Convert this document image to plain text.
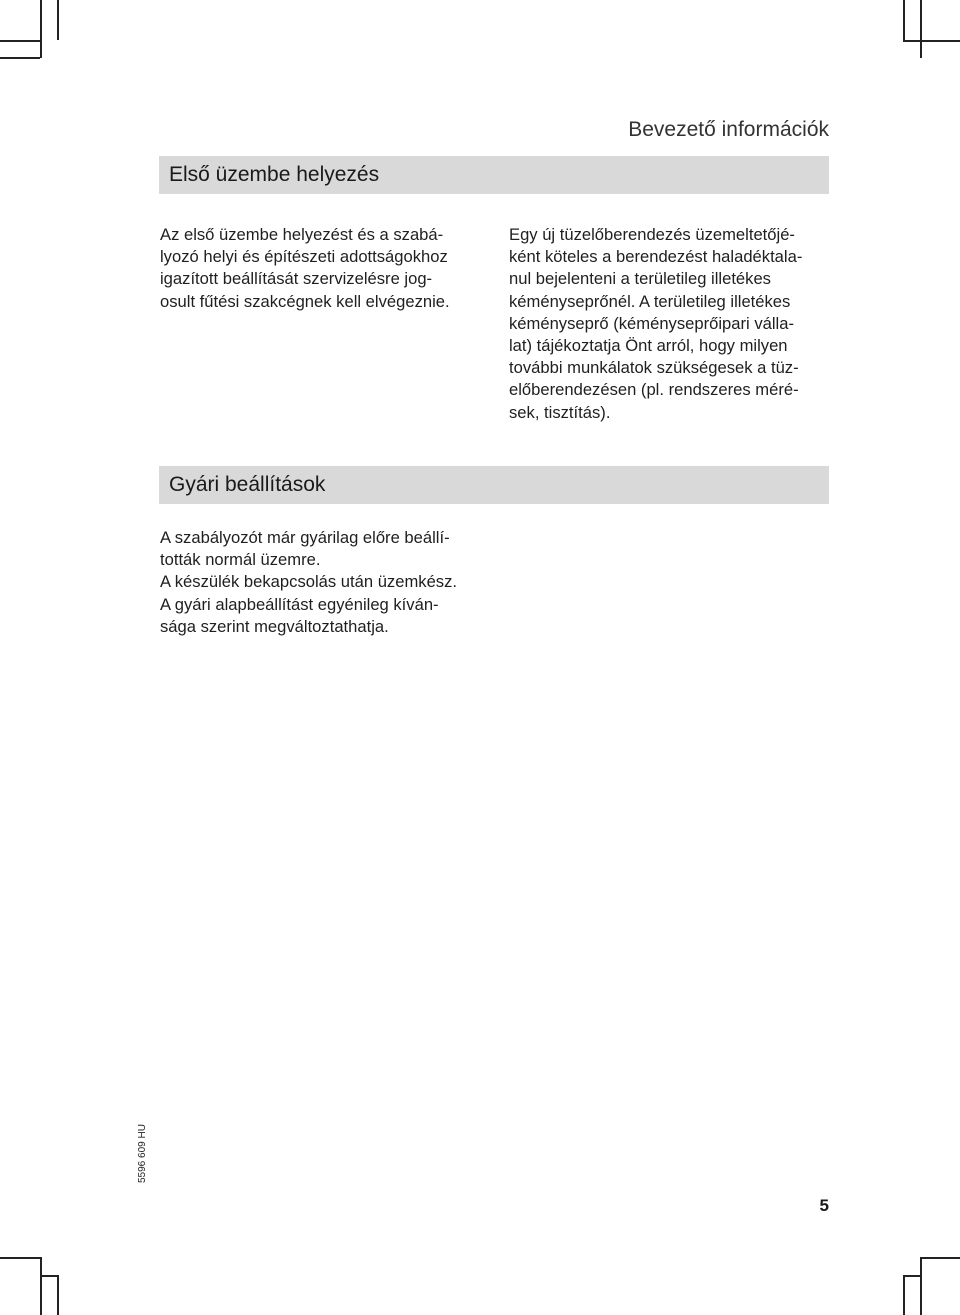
Bevezető információk
Első üzembe helyezés
Az első üzembe helyezést és a szabá-
lyozó helyi és építészeti adottságokhoz
igazított beállítását szervizelésre jog-
osult fűtési szakcégnek kell elvégeznie.
Egy új tüzelőberendezés üzemeltetőjé-
ként köteles a berendezést haladéktala-
nul bejelenteni a területileg illetékes
kéményseprőnél. A területileg illetékes
kéményseprő (kéményseprőipari válla-
lat) tájékoztatja Önt arról, hogy milyen
további munkálatok szükségesek a tüz-
előberendezésen (pl. rendszeres méré-
sek, tisztítás).
Gyári beállítások
A szabályozót már gyárilag előre beállí-
tották normál üzemre.
A készülék bekapcsolás után üzemkész.
A gyári alapbeállítást egyénileg kíván-
sága szerint megváltoztathatja.
5596 609 HU
5
